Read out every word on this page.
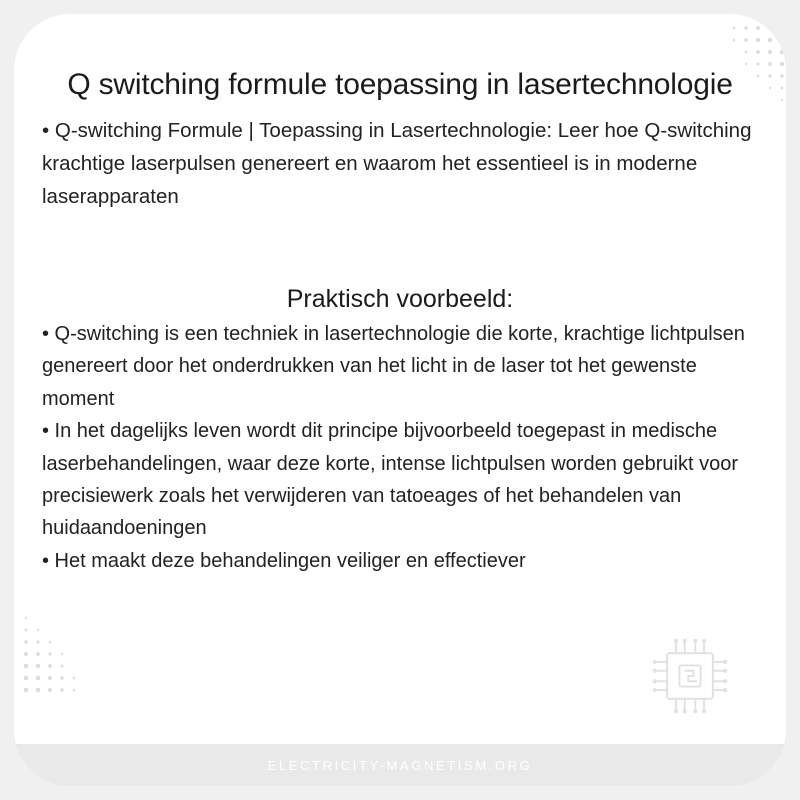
Q switching formule toepassing in lasertechnologie
• Q-switching Formule | Toepassing in Lasertechnologie: Leer hoe Q-switching krachtige laserpulsen genereert en waarom het essentieel is in moderne laserapparaten
Praktisch voorbeeld:

• Q-switching is een techniek in lasertechnologie die korte, krachtige lichtpulsen genereert door het onderdrukken van het licht in de laser tot het gewenste moment

• In het dagelijks leven wordt dit principe bijvoorbeeld toegepast in medische laserbehandelingen, waar deze korte, intense lichtpulsen worden gebruikt voor precisiewerk zoals het verwijderen van tatoeages of het behandelen van huidaandoeningen

• Het maakt deze behandelingen veiliger en effectiever

ELECTRICITY-MAGNETISM.ORG
